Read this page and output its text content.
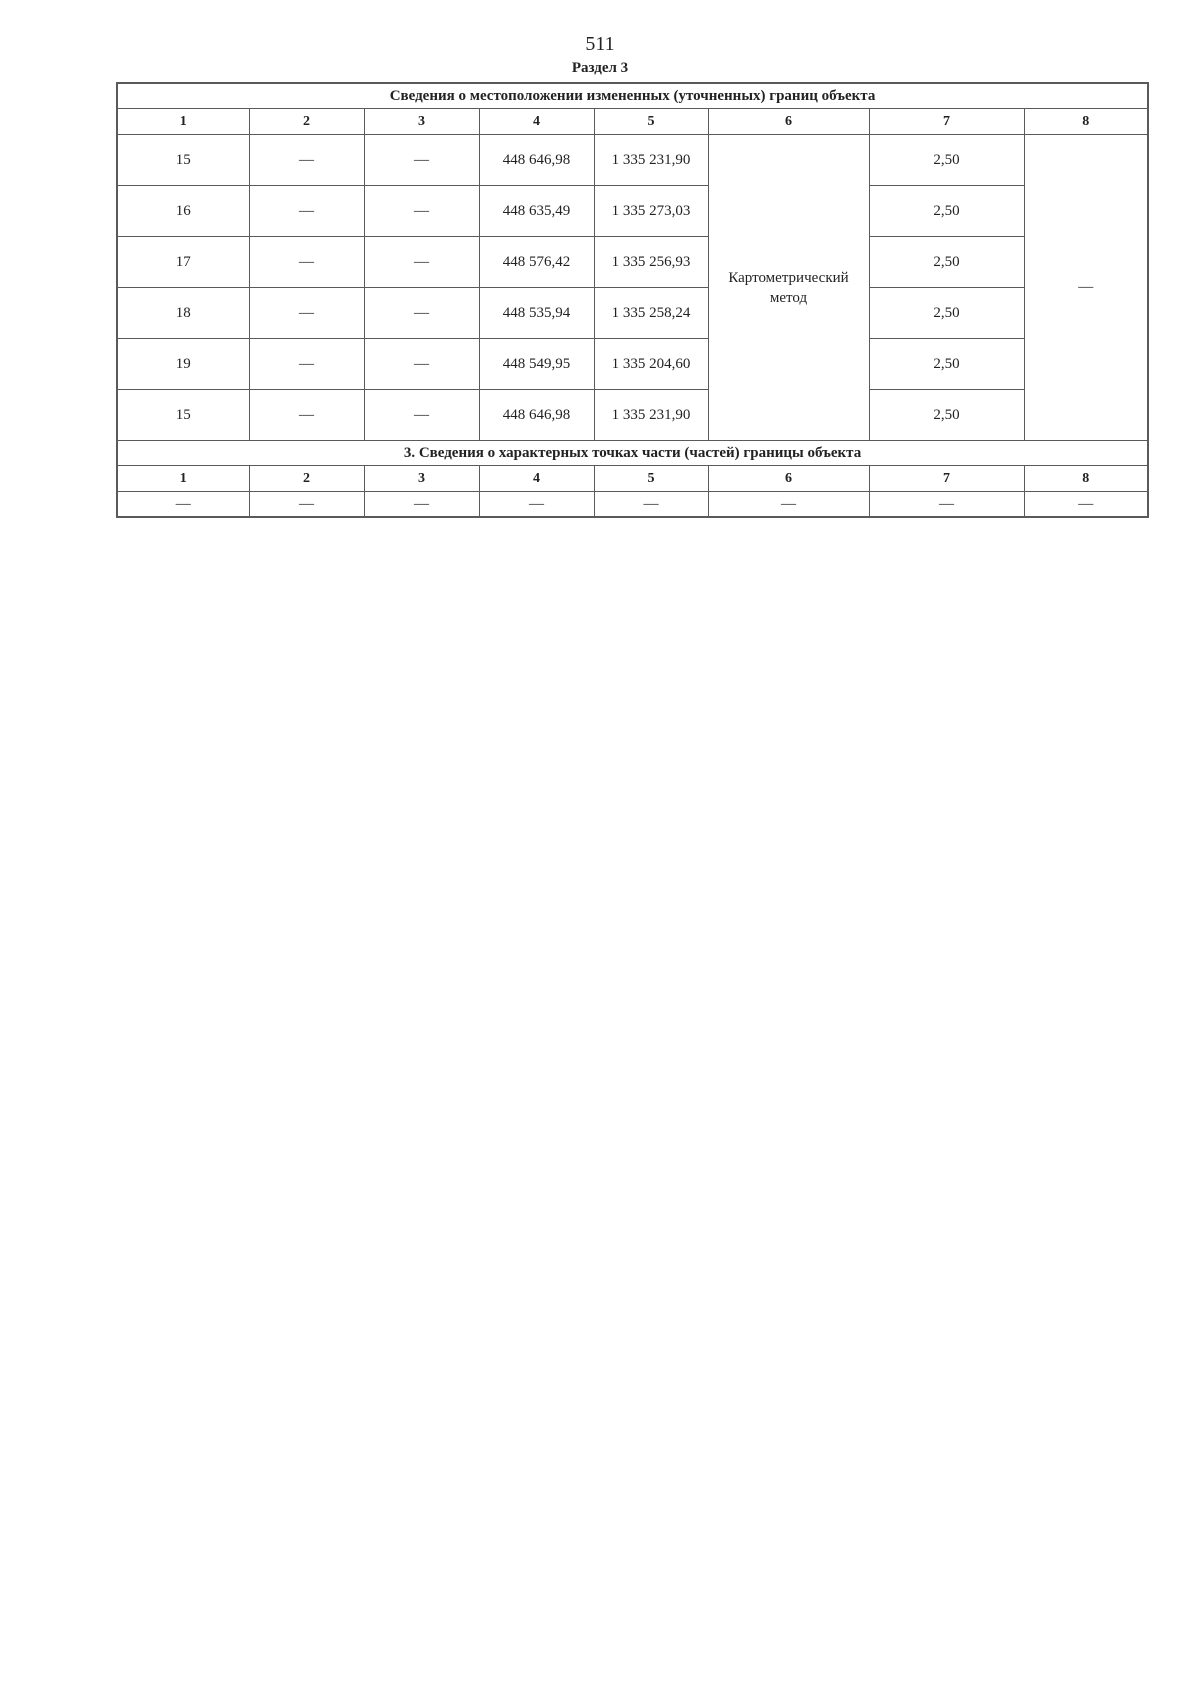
511
Раздел 3
Сведения о местоположении измененных (уточненных) границ объекта							
1	2	3	4	5	6	7	8
15	—	—	448 646,98	1 335 231,90	Картометрический метод	2,50	—
16	—	—	448 635,49	1 335 273,03		2,50	
17	—	—	448 576,42	1 335 256,93		2,50	
18	—	—	448 535,94	1 335 258,24		2,50	
19	—	—	448 549,95	1 335 204,60		2,50	
15	—	—	448 646,98	1 335 231,90		2,50	
3. Сведения о характерных точках части (частей) границы объекта							
1	2	3	4	5	6	7	8
—	—	—	—	—	—	—	—
